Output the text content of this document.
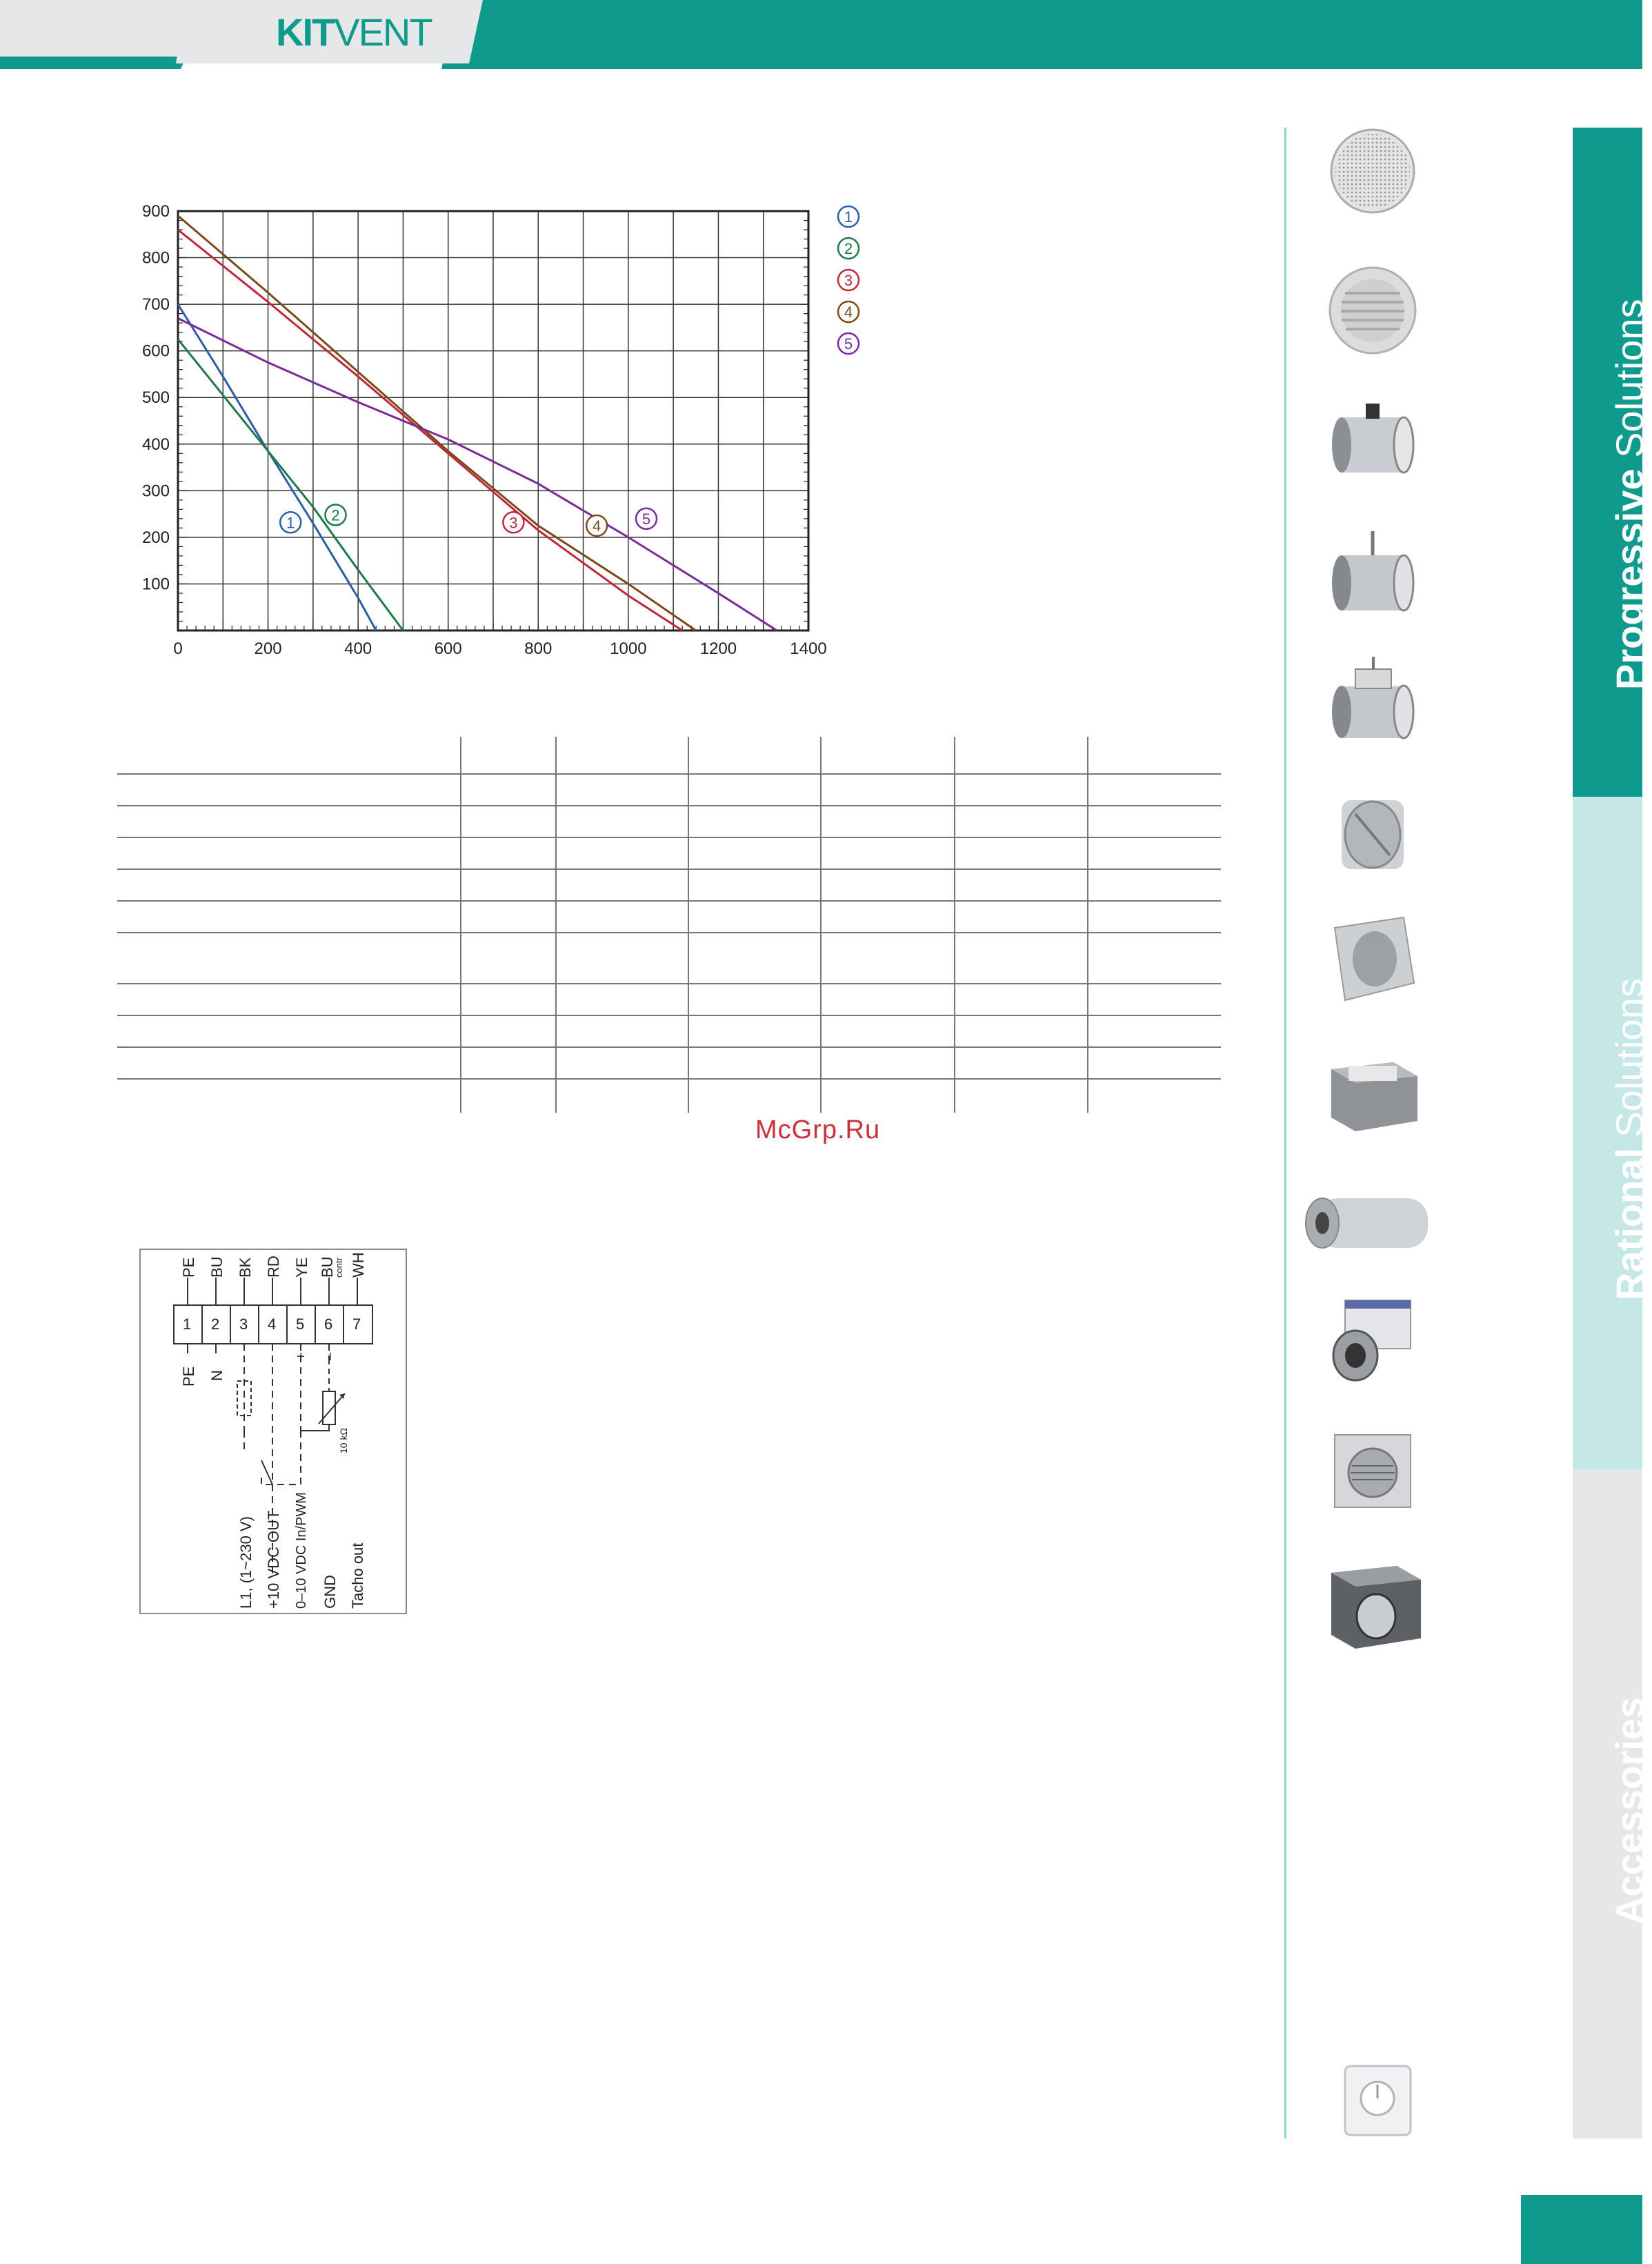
KITVENT
0	200	400	600	800	1000	1200	1400
100
200
300
400
500
600
700
800
900
1 2	3	4	5
1
2
3
4
5
McGrp.Ru
PE BU BK RD YE BU
contr WH
1 2 3 4 5 6 7
+ –
PE N
10 kΩ
L1, (1~230 V) +10 VDC OUT 0–10 VDC In/PWM GND Tacho out
Progressive Solutions
Rational Solutions
Accessories
